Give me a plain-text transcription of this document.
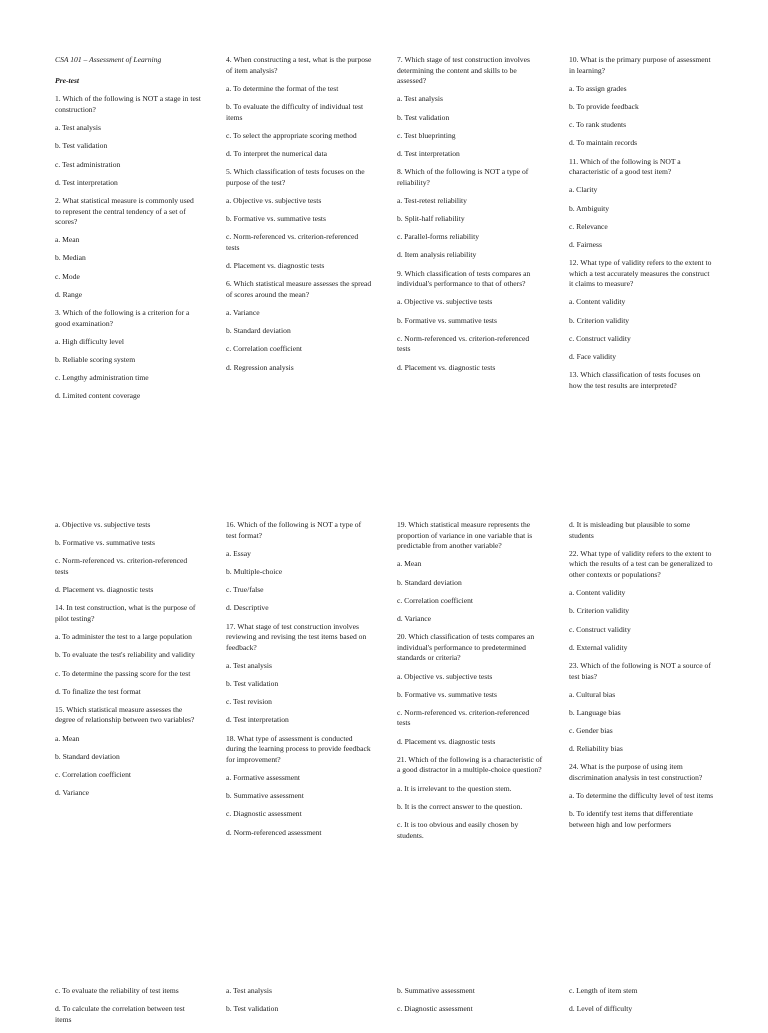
CSA 101 – Assessment of Learning

Pre-test

1. Which of the following is NOT a stage in test construction?

a. Test analysis

b. Test validation

c. Test administration

d. Test interpretation

2. What statistical measure is commonly used to represent the central tendency of a set of scores?

a. Mean

b. Median

c. Mode

d. Range

3. Which of the following is a criterion for a good examination?

a. High difficulty level

b. Reliable scoring system

c. Lengthy administration time

d. Limited content coverage

4. When constructing a test, what is the purpose of item analysis?

a. To determine the format of the test

b. To evaluate the difficulty of individual test items

c. To select the appropriate scoring method

d. To interpret the numerical data

5. Which classification of tests focuses on the purpose of the test?

a. Objective vs. subjective tests

b. Formative vs. summative tests

c. Norm-referenced vs. criterion-referenced tests

d. Placement vs. diagnostic tests

6. Which statistical measure assesses the spread of scores around the mean?

a. Variance

b. Standard deviation

c. Correlation coefficient

d. Regression analysis

7. Which stage of test construction involves determining the content and skills to be assessed?

a. Test analysis

b. Test validation

c. Test blueprinting

d. Test interpretation

8. Which of the following is NOT a type of reliability?

a. Test-retest reliability

b. Split-half reliability

c. Parallel-forms reliability

d. Item analysis reliability

9. Which classification of tests compares an individual's performance to that of others?

a. Objective vs. subjective tests

b. Formative vs. summative tests

c. Norm-referenced vs. criterion-referenced tests

d. Placement vs. diagnostic tests

10. What is the primary purpose of assessment in learning?

a. To assign grades

b. To provide feedback

c. To rank students

d. To maintain records

11. Which of the following is NOT a characteristic of a good test item?

a. Clarity

b. Ambiguity

c. Relevance

d. Fairness

12. What type of validity refers to the extent to which a test accurately measures the construct it claims to measure?

a. Content validity

b. Criterion validity

c. Construct validity

d. Face validity

13. Which classification of tests focuses on how the test results are interpreted?

a. Objective vs. subjective tests

b. Formative vs. summative tests

c. Norm-referenced vs. criterion-referenced tests

d. Placement vs. diagnostic tests

14. In test construction, what is the purpose of pilot testing?

a. To administer the test to a large population

b. To evaluate the test's reliability and validity

c. To determine the passing score for the test

d. To finalize the test format

15. Which statistical measure assesses the degree of relationship between two variables?

a. Mean

b. Standard deviation

c. Correlation coefficient

d. Variance

16. Which of the following is NOT a type of test format?

a. Essay

b. Multiple-choice

c. True/false

d. Descriptive

17. What stage of test construction involves reviewing and revising the test items based on feedback?

a. Test analysis

b. Test validation

c. Test revision

d. Test interpretation

18. What type of assessment is conducted during the learning process to provide feedback for improvement?

a. Formative assessment

b. Summative assessment

c. Diagnostic assessment

d. Norm-referenced assessment

19. Which statistical measure represents the proportion of variance in one variable that is predictable from another variable?

a. Mean

b. Standard deviation

c. Correlation coefficient

d. Variance

20. Which classification of tests compares an individual's performance to predetermined standards or criteria?

a. Objective vs. subjective tests

b. Formative vs. summative tests

c. Norm-referenced vs. criterion-referenced tests

d. Placement vs. diagnostic tests

21. Which of the following is a characteristic of a good distractor in a multiple-choice question?

a. It is irrelevant to the question stem.

b. It is the correct answer to the question.

c. It is too obvious and easily chosen by students.

d. It is misleading but plausible to some students

22. What type of validity refers to the extent to which the results of a test can be generalized to other contexts or populations?

a. Content validity

b. Criterion validity

c. Construct validity

d. External validity

23. Which of the following is NOT a source of test bias?

a. Cultural bias

b. Language bias

c. Gender bias

d. Reliability bias

24. What is the purpose of using item discrimination analysis in test construction?

a. To determine the difficulty level of test items

b. To identify test items that differentiate between high and low performers

c. To evaluate the reliability of test items

d. To calculate the correlation between test items

a. Test analysis

b. Test validation

b. Summative assessment

c. Diagnostic assessment

c. Length of item stem

d. Level of difficulty
